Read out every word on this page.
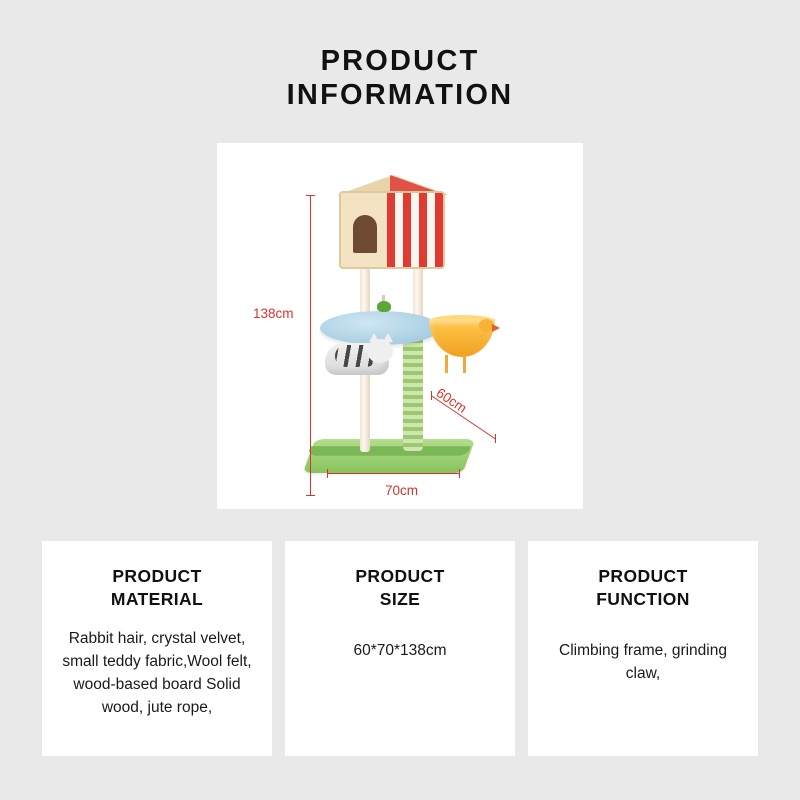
PRODUCT
INFORMATION
138cm
70cm
60cm
PRODUCT
MATERIAL
Rabbit hair, crystal velvet, small teddy fabric,Wool felt, wood-based board Solid wood, jute rope,
PRODUCT
SIZE
60*70*138cm
PRODUCT
FUNCTION
Climbing frame, grinding claw,
